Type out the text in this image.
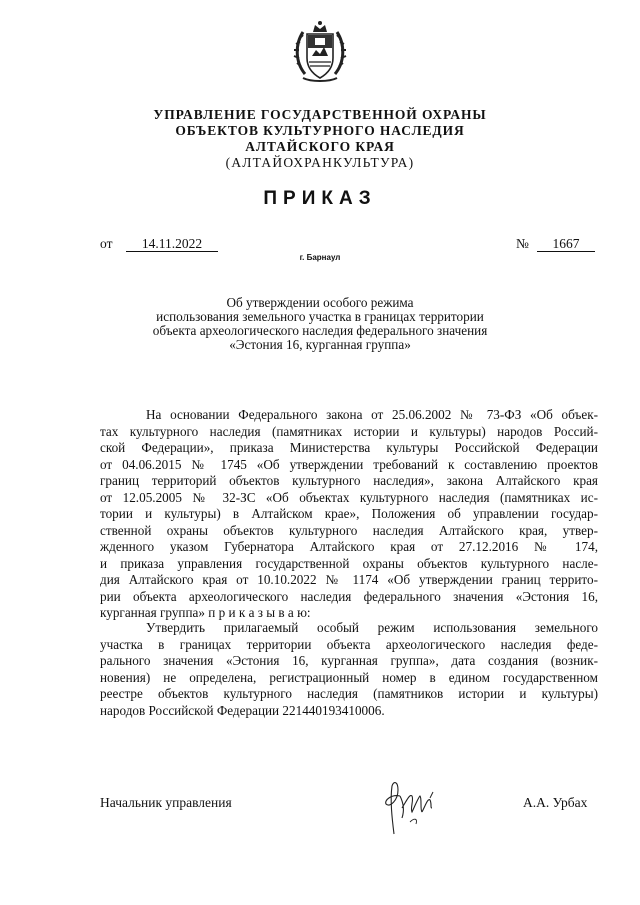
УПРАВЛЕНИЕ ГОСУДАРСТВЕННОЙ ОХРАНЫ
ОБЪЕКТОВ КУЛЬТУРНОГО НАСЛЕДИЯ
АЛТАЙСКОГО КРАЯ
(АЛТАЙОХРАНКУЛЬТУРА)
ПРИКАЗ
от	14.11.2022	№	1667
г. Барнаул
Об утверждении особого режима
использования земельного участка в границах территории
объекта археологического наследия федерального значения
«Эстония 16, курганная группа»
На основании Федерального закона от 25.06.2002 № 73-ФЗ «Об объек-
тах культурного наследия (памятниках истории и культуры) народов Россий-
ской Федерации», приказа Министерства культуры Российской Федерации
от 04.06.2015 № 1745 «Об утверждении требований к составлению проектов
границ территорий объектов культурного наследия», закона Алтайского края
от 12.05.2005 № 32-ЗС «Об объектах культурного наследия (памятниках ис-
тории и культуры) в Алтайском крае», Положения об управлении государ-
ственной охраны объектов культурного наследия Алтайского края, утвер-
жденного указом Губернатора Алтайского края от 27.12.2016 № 174,
и приказа управления государственной охраны объектов культурного насле-
дия Алтайского края от 10.10.2022 № 1174 «Об утверждении границ террито-
рии объекта археологического наследия федерального значения «Эстония 16,
курганная группа» п р и к а з ы в а ю:
Утвердить прилагаемый особый режим использования земельного
участка в границах территории объекта археологического наследия феде-
рального значения «Эстония 16, курганная группа», дата создания (возник-
новения) не определена, регистрационный номер в едином государственном
реестре объектов культурного наследия (памятников истории и культуры)
народов Российской Федерации 221440193410006.
Начальник управления	А.А. Урбах
